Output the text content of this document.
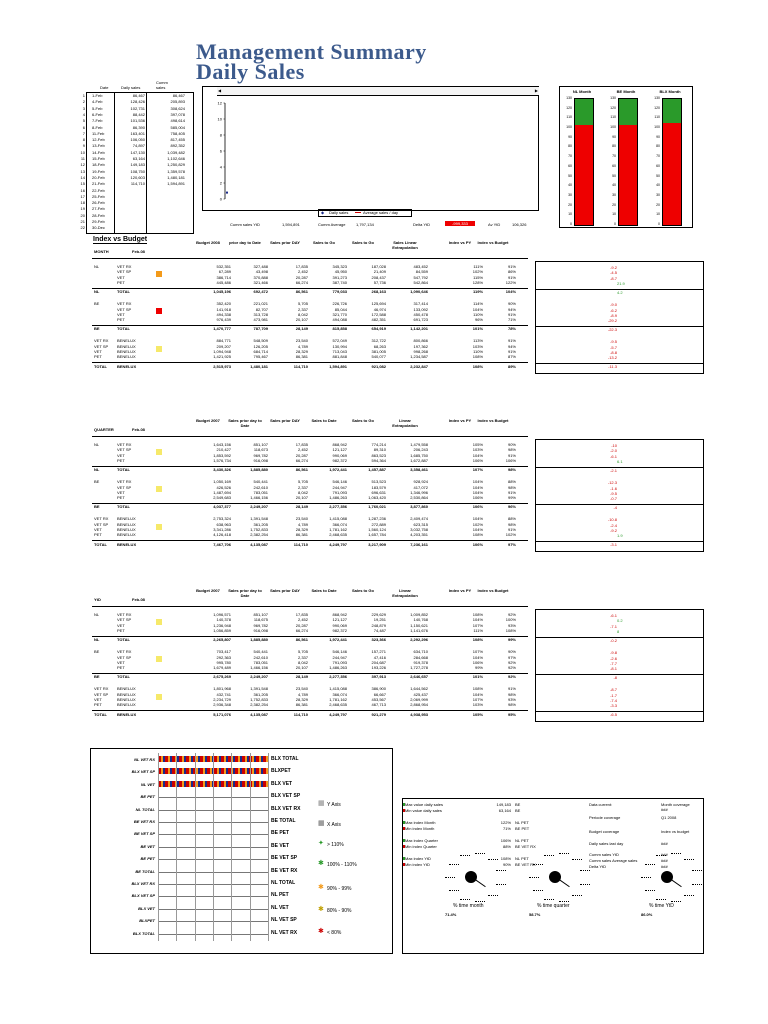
Management Summary
Daily Sales
Date	Daily sales
Cumm sales
1 1-Feb	86,467	86,467
2 4-Feb	128,426	205,893
3 5-Feb	102,731	308,624
4 6-Feb	88,442	397,078
5 7-Feb	101,536	498,614
6 8-Feb	86,390	585,004
7 11-Feb	163,401	758,405
8 12-Feb	106,050	817,455
9 13-Feb	74,897	892,352
10 14-Feb	147,130	1,039,482
11 15-Feb	63,164	1,102,646
12 18-Feb	149,183	1,250,829
13 19-Feb	108,750	1,359,578
14 20-Feb	120,603	1,480,181
15 21-Feb	114,710	1,594,891
16 22-Feb
17 25-Feb
18 26-Feb
19 27-Feb
20 28-Feb
21 29-Feb
22 30-Dec
◀	▶
12
10
8
6
4
2
0
Cumm sales YtD	1,594,891	Cumm Average	1,797,134	Delta YtD	-999,333	Av YtD	106,326
◆ Daily sales	Average sales / day
NL Month
130
120
110
100
90
80
70
60
50
40
30
20
10
0
BE Month
130
120
110
100
90
80
70
60
50
40
30
20
10
0
BLX Month
130
120
110
100
90
80
70
60
50
40
30
20
10
0
Index vs Budget
MONTH	Feb-08
Budget 2008	prior day to Date	Sales prior DAY	Sales to Go	Sales to Go	Sales Linear Extrapolation
Index vs PY	Index vs Budget
NL	VET RX	532,351	327,488	17,835	345,323	187,028	483,452	111%	91%
VET SP	67,289	43,498	2,452	45,950	21,409	84,559	102%	86%
VET	386,714	370,888	20,287	391,273	208,437	547,792	115%	91%
PET	445,486	321,466	66,274	387,740	57,736	542,864	128%	122%
NL	TOTAL	1,045,196	692,472	86,561	779,033	268,163	1,090,646	119%	104%
BE	VET RX	352,420	221,021	5,705	226,726	125,694	317,414	114%	90%
VET SP	141,918	82,707	2,337	85,044	46,974	133,092	104%	94%
VET	494,338	313,728	8,042	321,770	172,588	450,478	110%	91%
PET	976,439	473,981	20,107	494,088	482,351	691,723	96%	71%
BE	TOTAL	1,470,777	787,709	28,149	815,858	654,919	1,142,201	101%	78%
VET RX	BENELUX	884,771	548,509	23,540	572,049	312,722	800,866	113%	91%
VET SP	BENELUX	209,207	126,205	4,789	130,994	68,263	197,362	103%	94%
VET	BENELUX	1,094,948	684,714	28,329	713,043	381,005	998,268	110%	91%
PET	BENELUX	1,421,925	795,467	86,381	881,848	540,077	1,234,587	108%	87%
TOTAL	BENELUX	2,515,973	1,480,181	114,710	1,594,891	921,082	2,232,847	108%	89%
-9.2
-4.5
-8.7
21.9
4.2
-9.0
-6.2
-8.9
-29.2
-22.3
-9.5
-5.7
-8.8
-13.2
-11.3
QUARTER	Feb-08
Budget 2007	Sales prior day to Date
Sales prior DAY	Sales to Date	Sales to Go	Linear Extrapolation
Index vs PY	Index vs Budget
NL	VET RX	1,643,156	851,107	17,835	868,942	774,214	1,479,558	105%	90%
VET SP	210,427	118,673	2,452	121,127	89,310	206,243	103%	98%
VET	1,853,592	969,782	20,287	990,069	863,523	1,685,750	104%	91%
PET	1,576,734	916,098	66,274	982,372	594,364	1,672,887	106%	106%
NL	TOTAL	3,430,326	1,885,880	86,561	1,972,441	1,457,887	3,358,461	107%	98%
BE	VET RX	1,050,169	540,441	5,705	546,146	513,523	928,924	104%	88%
VET SP	426,526	242,610	2,337	244,947	183,579	417,072	104%	98%
VET	1,487,694	783,051	8,042	791,093	696,631	1,346,996	104%	91%
PET	2,549,683	1,466,156	20,107	1,486,263	1,063,420	2,530,864	106%	99%
BE	TOTAL	4,037,377	2,249,207	28,149	2,277,356	1,760,021	3,877,860	106%	96%
VET RX	BENELUX	2,753,324	1,391,548	23,540	1,415,088	1,287,236	2,409,474	104%	88%
VET SP	BENELUX	638,963	361,205	4,789	366,074	272,889	623,315	102%	98%
VET	BENELUX	3,341,286	1,752,833	28,329	1,781,162	1,560,124	3,032,758	104%	91%
PET	BENELUX	4,126,418	2,382,254	86,381	2,468,635	1,657,784	4,203,351	108%	102%
TOTAL	BENELUX	7,467,706	4,135,087	114,710	4,249,797	3,217,909	7,236,161	106%	97%
-10
-2.0
-6.1
6.1
-2.1
-12.3
-1.6
-9.5
-0.7
-4
-10.8
-2.4
-9.2
1.9
-3.1
YtD	Feb-08
Budget 2007	Sales prior day to Date
Sales prior DAY	Sales to Date	Sales to Go	Linear Extrapolation
Index vs PY	Index vs Budget
NL	VET RX	1,096,571	851,107	17,835	868,942	229,629	1,009,852	108%	92%
VET SP	140,378	118,675	2,452	121,127	19,251	140,768	104%	100%
VET	1,236,948	969,782	20,287	990,069	248,879	1,150,621	107%	93%
PET	1,056,859	916,098	66,274	982,372	74,487	1,141,676	111%	108%
NL	TOTAL	2,265,807	1,885,880	86,561	1,972,441	323,366	2,292,296	108%	99%
BE	VET RX	703,417	540,441	5,705	546,146	157,271	634,710	107%	90%
VET SP	292,363	242,610	2,337	244,947	47,416	284,668	104%	97%
VET	995,780	783,051	8,042	791,093	204,687	919,378	106%	92%
PET	1,679,489	1,466,156	20,107	1,486,263	193,226	1,727,278	99%	92%
BE	TOTAL	2,675,269	2,249,207	28,149	2,277,356	397,913	2,646,657	101%	92%
VET RX	BENELUX	1,801,968	1,391,548	23,540	1,415,088	386,900	1,644,562	108%	91%
VET SP	BENELUX	432,741	361,205	4,789	366,074	66,667	425,437	104%	98%
VET	BENELUX	2,234,729	1,752,833	28,329	1,781,162	453,567	2,069,999	107%	93%
PET	BENELUX	2,936,348	2,382,254	86,381	2,468,635	467,713	2,868,954	103%	98%
TOTAL	BENELUX	5,171,076	4,135,087	114,710	4,249,797	921,279	4,938,953	105%	95%
-6.1
0.2
-7.1
8
-0.2
-9.8
-2.6
-7.7
-8.1
-8
-8.7
-1.7
-7.4
-3.3
-6.5
NL VET RX	BLX TOTAL
BLX VET SP	BLXPET
NL VET	BLX VET
BE PET	BLX VET SP
NL TOTAL	BLX VET RX
BE VET RX	BE TOTAL
BE VET SP	BE PET
BE VET	BE VET
BE PET	BE VET SP
BE TOTAL	BE VET RX
BLX VET RX	NL TOTAL
BLX VET SP	NL PET
BLX VET	NL VET
BLXPET	NL VET SP
BLX TOTAL	NL VET RX
▦ Y Axis
▦ X Axis
✦ > 110%
✱ 100% - 110%
✱ 90% - 99%
✱ 80% - 90%
✱ < 80%
Max value daily sales	149,183 BE
Min value daily sales	63,164 BE
Max index Month	122% NL PET
Min index Month	71% BE PET
Max index Quarter	106% NL PET
Min index Quarter	88% BE VET RX
Max index YtD	108% NL PET
Min index YtD	90% BE VET RX
Data current:	Month coverage
###
Periode coverage	Q1 2008
Budget coverage	Index vs budget
Daily sales last day	###
Cumm sales YtD	###
Cumm sales Average sales	###
Delta YtD	###
% time month
71.4%
% time quarter
58.7%
% time YtD
86.0%
